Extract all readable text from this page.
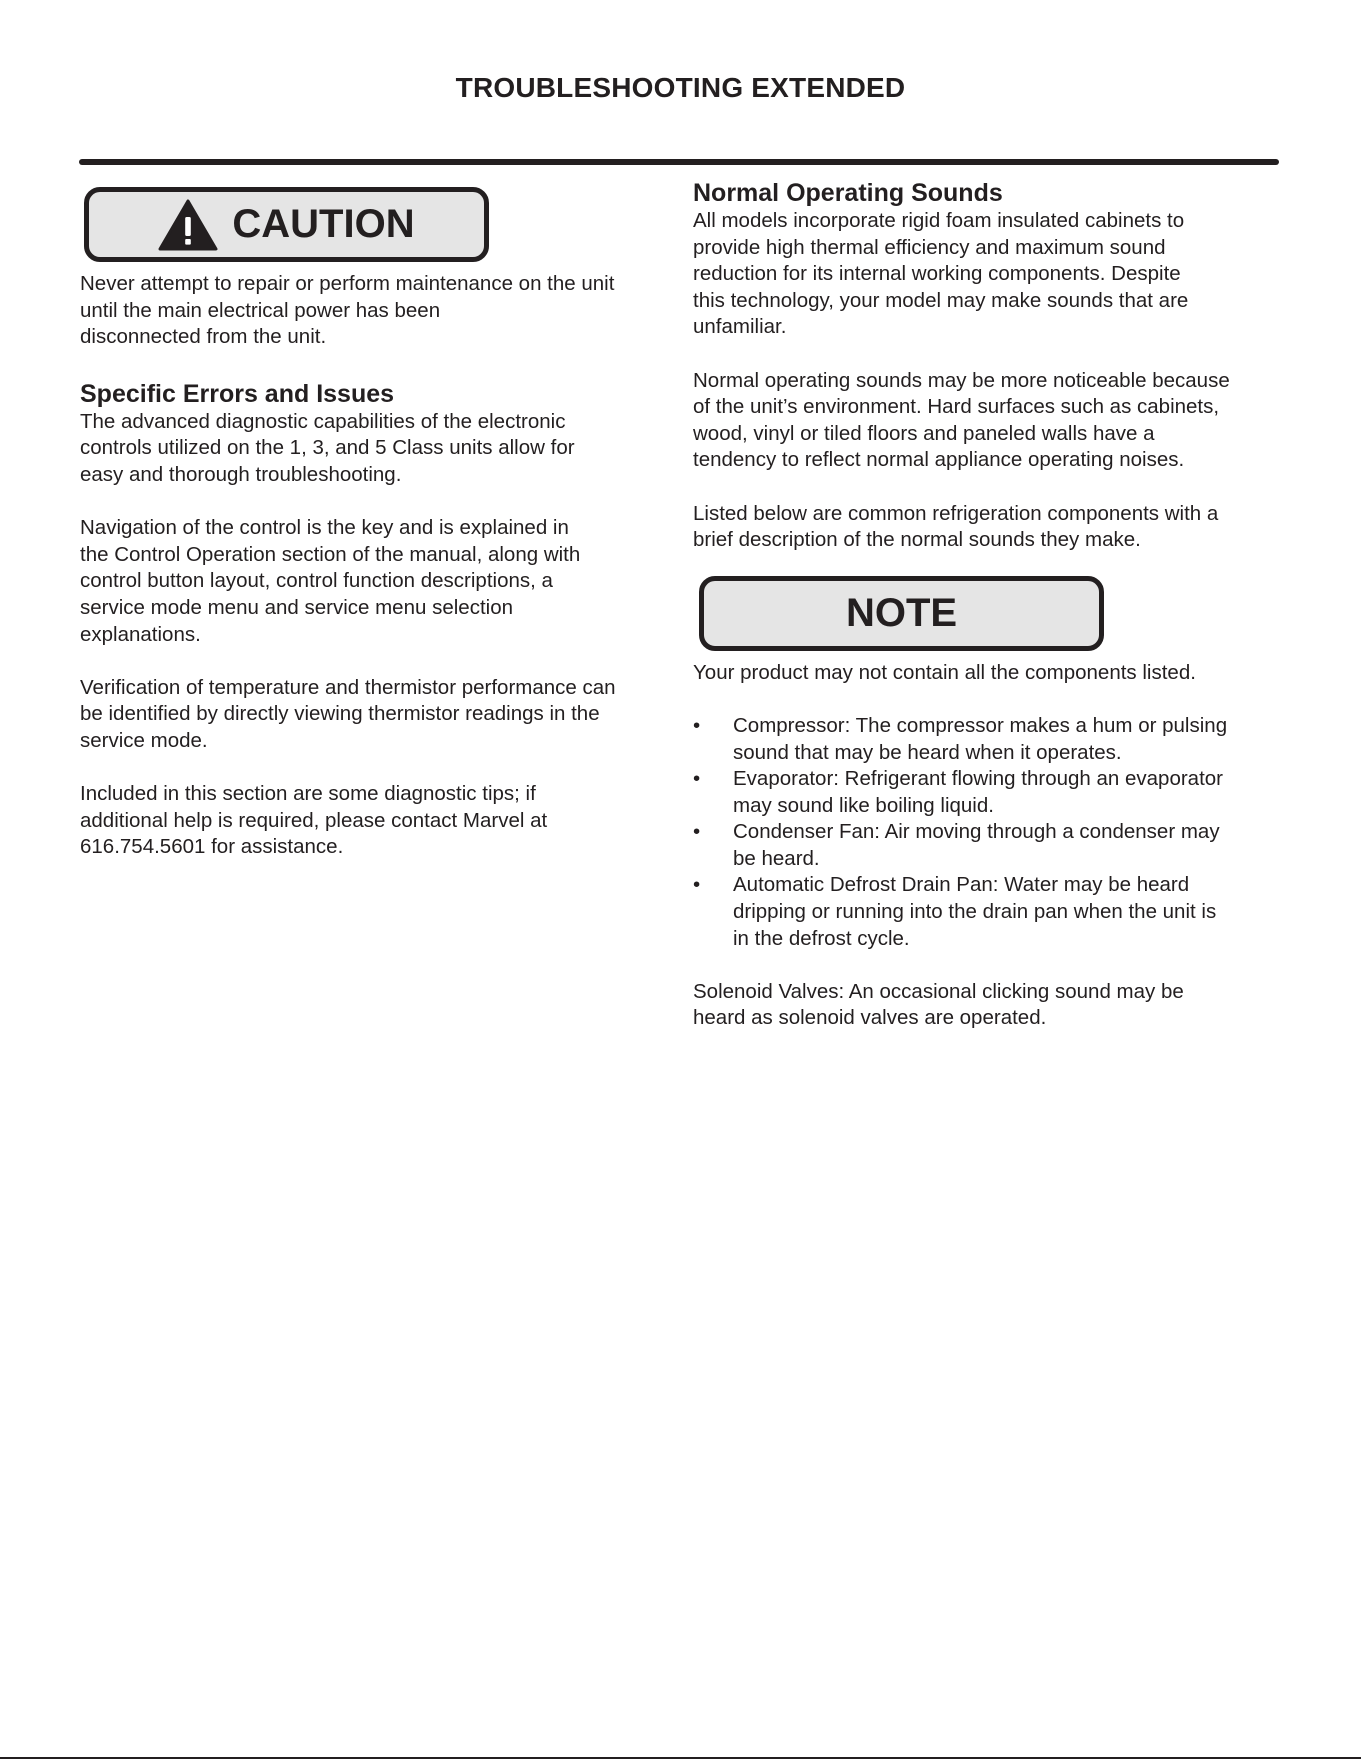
TROUBLESHOOTING EXTENDED
CAUTION

Never attempt to repair or perform maintenance on the unit
until the main electrical power has been
disconnected from the unit.

Specific Errors and Issues

The advanced diagnostic capabilities of the electronic
controls utilized on the 1, 3, and 5 Class units allow for
easy and thorough troubleshooting.

Navigation of the control is the key and is explained in
the Control Operation section of the manual, along with
control button layout, control function descriptions, a
service mode menu and service menu selection
explanations.

Verification of temperature and thermistor performance can
be identified by directly viewing thermistor readings in the
service mode.

Included in this section are some diagnostic tips; if
additional help is required, please contact Marvel at
616.754.5601 for assistance.

Normal Operating Sounds

All models incorporate rigid foam insulated cabinets to
provide high thermal efficiency and maximum sound
reduction for its internal working components. Despite
this technology, your model may make sounds that are
unfamiliar.

Normal operating sounds may be more noticeable because
of the unit’s environment. Hard surfaces such as cabinets,
wood, vinyl or tiled floors and paneled walls have a
tendency to reflect normal appliance operating noises.

Listed below are common refrigeration components with a
brief description of the normal sounds they make.

NOTE

Your product may not contain all the components listed.

• Compressor: The compressor makes a hum or pulsing
sound that may be heard when it operates.
• Evaporator: Refrigerant flowing through an evaporator
may sound like boiling liquid.
• Condenser Fan: Air moving through a condenser may
be heard.
• Automatic Defrost Drain Pan: Water may be heard
dripping or running into the drain pan when the unit is
in the defrost cycle.

Solenoid Valves: An occasional clicking sound may be
heard as solenoid valves are operated.
